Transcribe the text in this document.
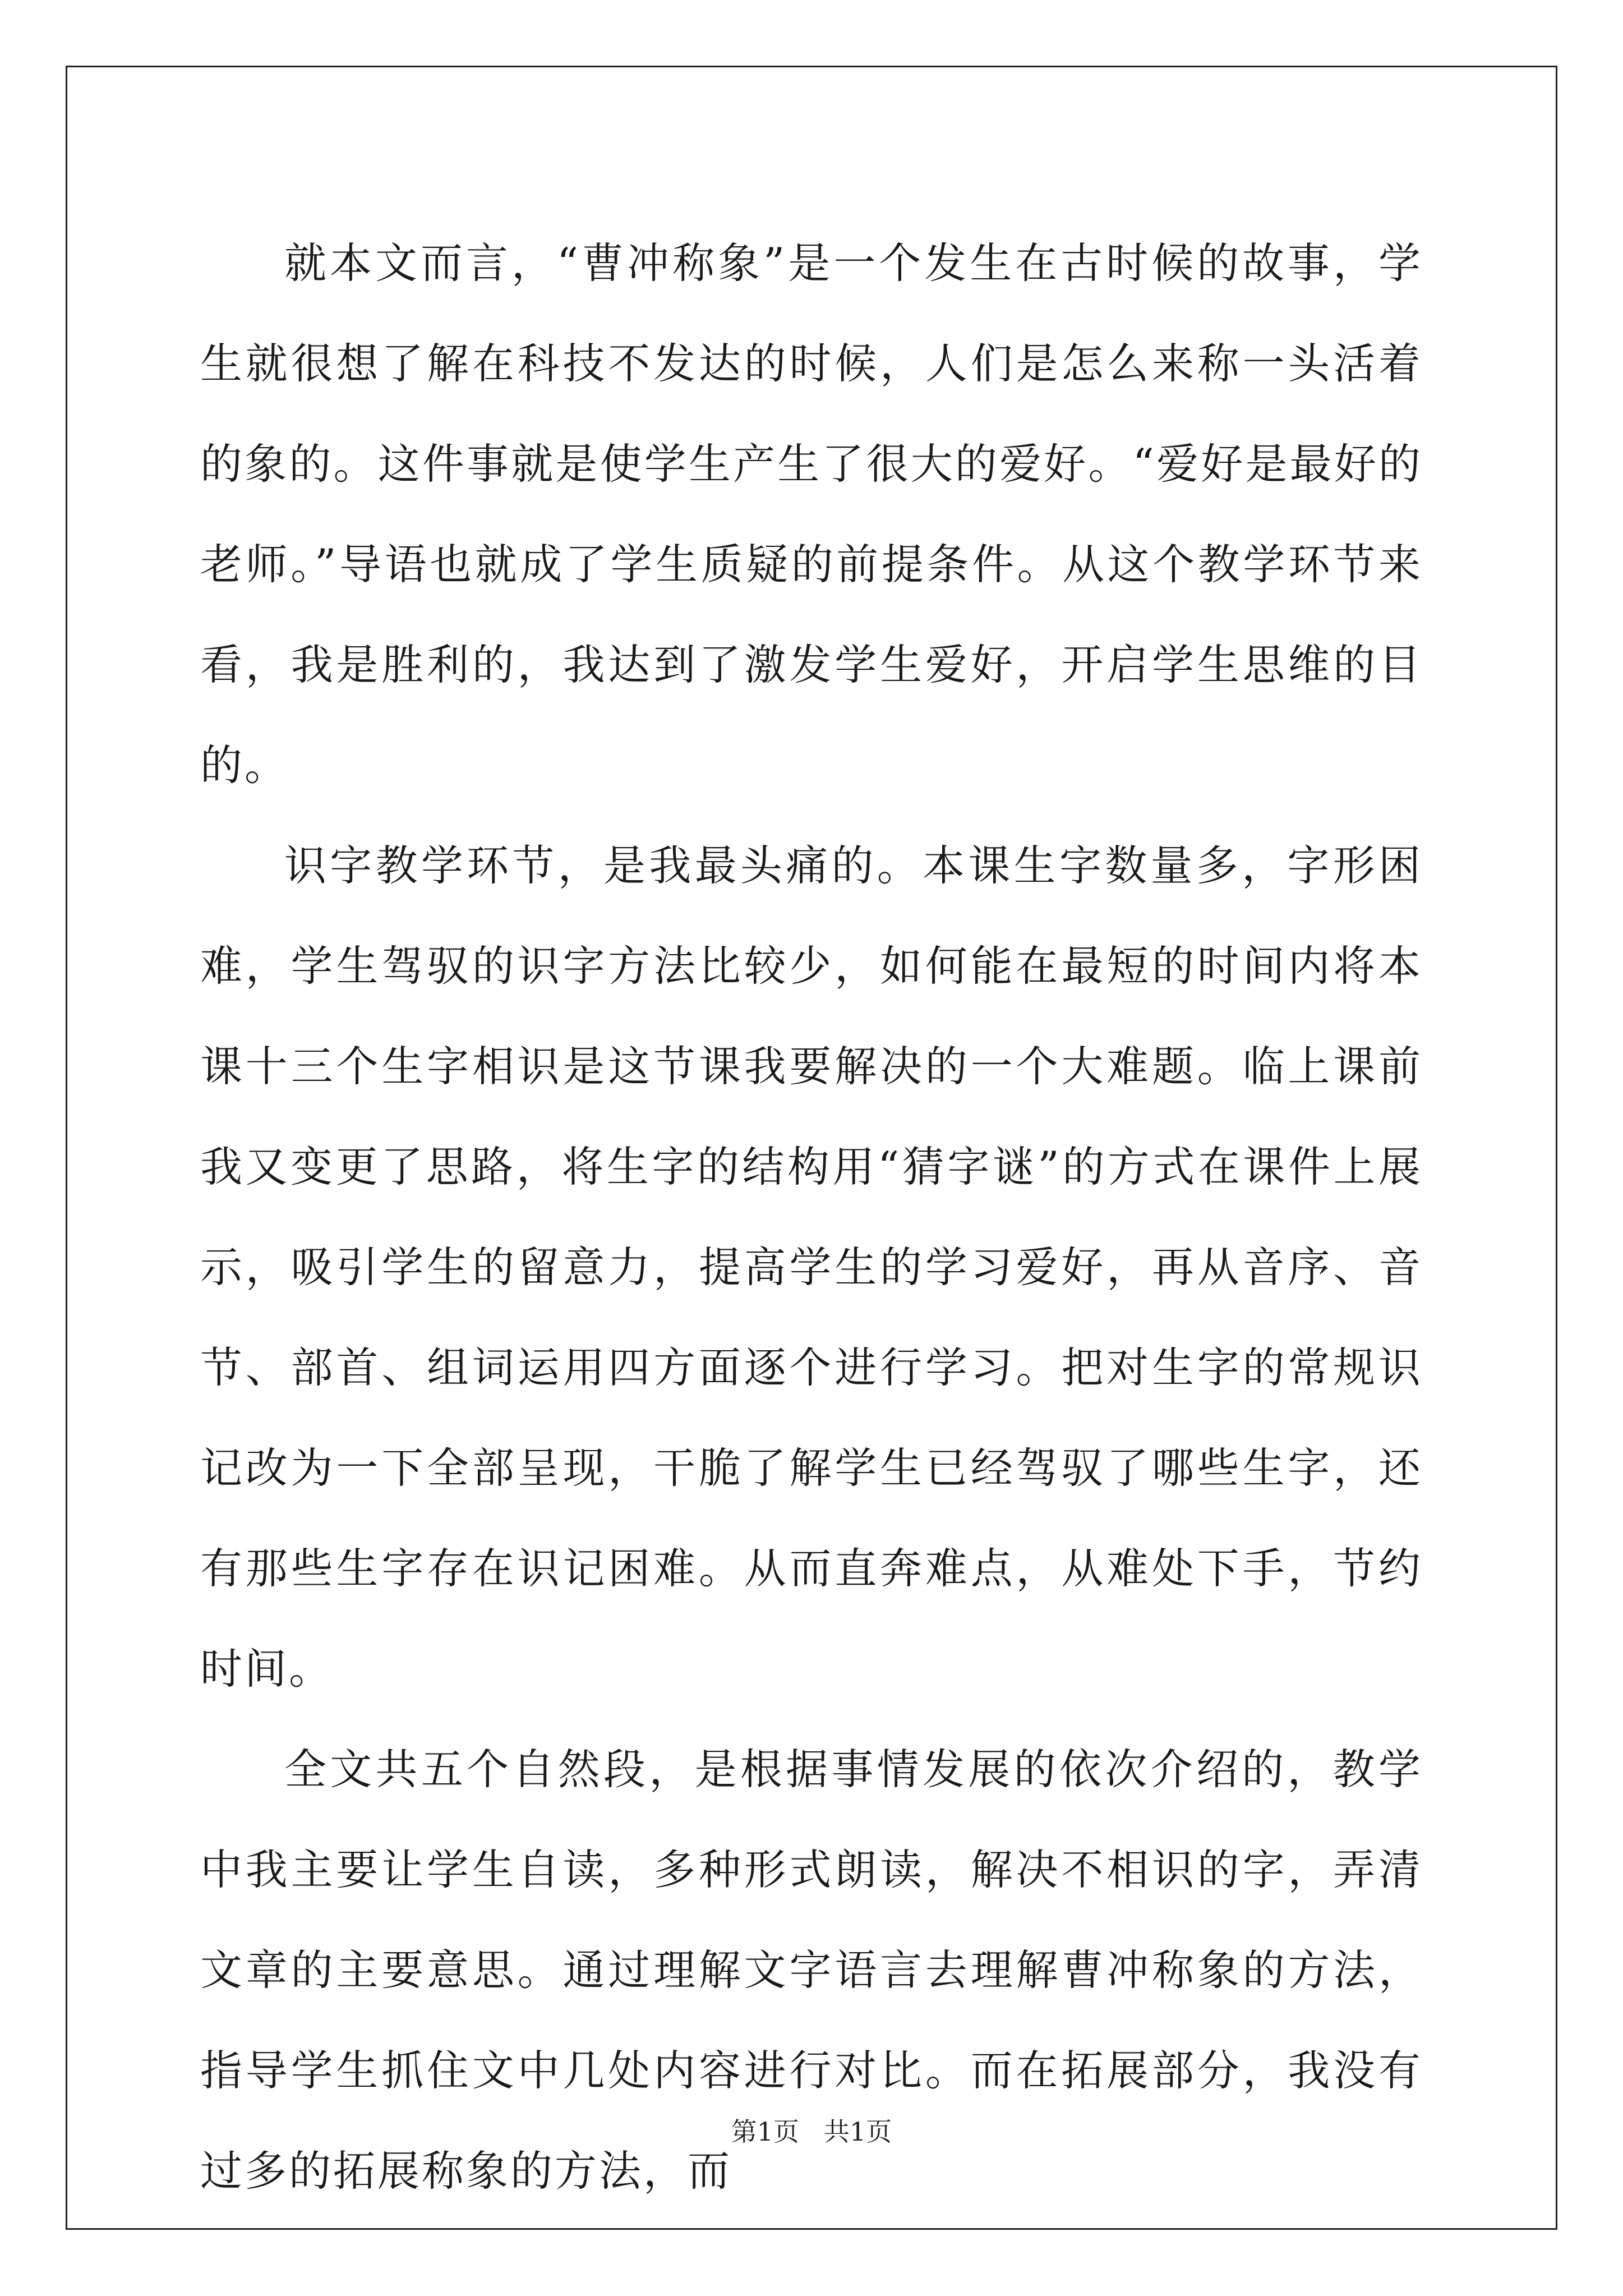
就本文而言，“曹冲称象”是一个发生在古时候的故事，学生就很想了解在科技不发达的时候，人们是怎么来称一头活着的象的。这件事就是使学生产生了很大的爱好。“爱好是最好的老师。”导语也就成了学生质疑的前提条件。从这个教学环节来看，我是胜利的，我达到了激发学生爱好，开启学生思维的目的。

识字教学环节，是我最头痛的。本课生字数量多，字形困难，学生驾驭的识字方法比较少，如何能在最短的时间内将本课十三个生字相识是这节课我要解决的一个大难题。临上课前我又变更了思路，将生字的结构用“猜字谜”的方式在课件上展示，吸引学生的留意力，提高学生的学习爱好，再从音序、音节、部首、组词运用四方面逐个进行学习。把对生字的常规识记改为一下全部呈现，干脆了解学生已经驾驭了哪些生字，还有那些生字存在识记困难。从而直奔难点，从难处下手，节约时间。

全文共五个自然段，是根据事情发展的依次介绍的，教学中我主要让学生自读，多种形式朗读，解决不相识的字，弄清文章的主要意思。通过理解文字语言去理解曹冲称象的方法，指导学生抓住文中几处内容进行对比。而在拓展部分，我没有过多的拓展称象的方法，而

第1页 共1页
